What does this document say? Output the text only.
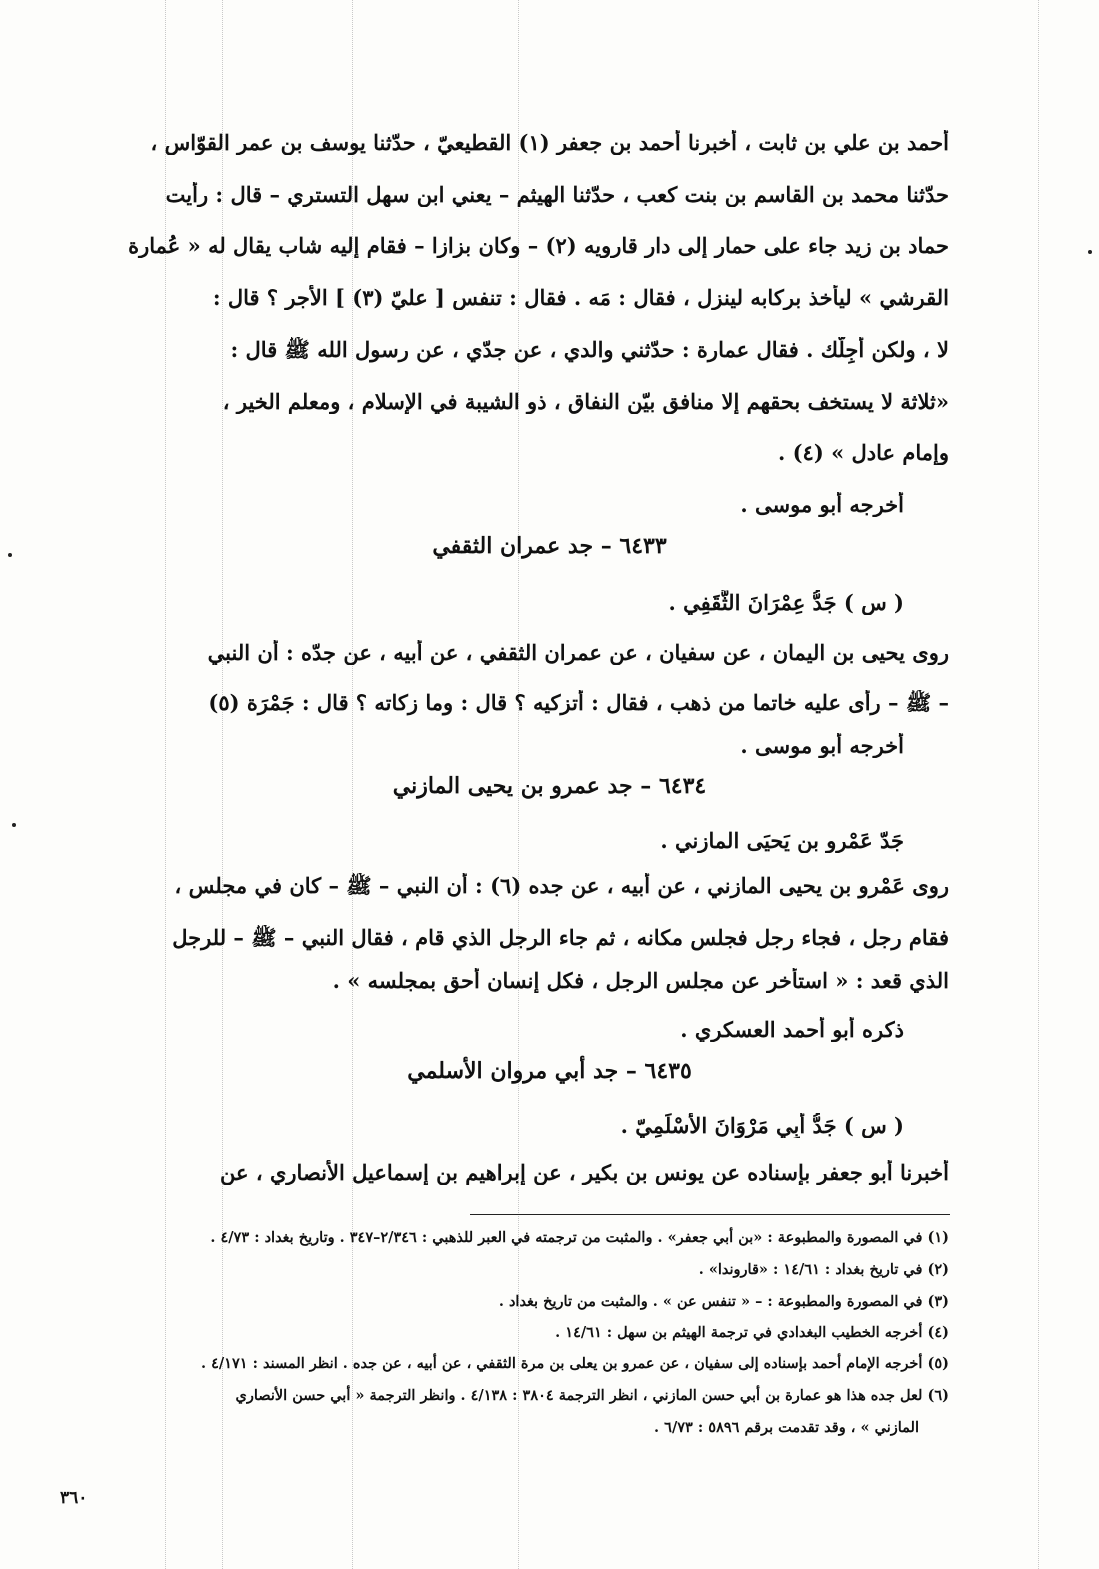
أحمد بن علي بن ثابت ، أخبرنا أحمد بن جعفر (١) القطيعيّ ، حدّثنا يوسف بن عمر القوّاس ،
حدّثنا محمد بن القاسم بن بنت كعب ، حدّثنا الهيثم – يعني ابن سهل التستري – قال : رأيت
حماد بن زيد جاء على حمار إلى دار قارويه (٢) – وكان بزازا – فقام إليه شاب يقال له « عُمارة
القرشي » ليأخذ بركابه لينزل ، فقال : مَه . فقال : تنفس [ عليّ (٣) ] الأجر ؟ قال :
لا ، ولكن أُجِلُّك . فقال عمارة : حدّثني والدي ، عن جدّي ، عن رسول الله ﷺ قال :
«ثلاثة لا يستخف بحقهم إلا منافق بيّن النفاق ، ذو الشيبة في الإسلام ، ومعلم الخير ،
وإمام عادل » (٤) .
أخرجه أبو موسى .
٦٤٣٣ – جد عمران الثقفي
( س ) جَدُّ عِمْرَانَ الثَّقَفِي .
روى يحيى بن اليمان ، عن سفيان ، عن عمران الثقفي ، عن أبيه ، عن جدّه : أن النبي
– ﷺ – رأى عليه خاتما من ذهب ، فقال : أتزكيه ؟ قال : وما زكاته ؟ قال : جَمْرَة (٥)
أخرجه أبو موسى .
٦٤٣٤ – جد عمرو بن يحيى المازني
جَدّ عَمْرو بن يَحيَى المازني .
روى عَمْرو بن يحيى المازني ، عن أبيه ، عن جده (٦) : أن النبي – ﷺ – كان في مجلس ،
فقام رجل ، فجاء رجل فجلس مكانه ، ثم جاء الرجل الذي قام ، فقال النبي – ﷺ – للرجل
الذي قعد : « استأخر عن مجلس الرجل ، فكل إنسان أحق بمجلسه » .
ذكره أبو أحمد العسكري .
٦٤٣٥ – جد أبي مروان الأسلمي
( س ) جَدُّ أَبِي مَرْوَانَ الأَسْلَمِيّ .
أخبرنا أبو جعفر بإسناده عن يونس بن بكير ، عن إبراهيم بن إسماعيل الأنصاري ، عن
(١) في المصورة والمطبوعة : «بن أبي جعفر» . والمثبت من ترجمته في العبر للذهبي : ٢/٣٤٦–٣٤٧ . وتاريخ بغداد : ٤/٧٣ .
(٢) في تاريخ بغداد : ١٤/٦١ : «قاروندا» .
(٣) في المصورة والمطبوعة : – « تنفس عن » . والمثبت من تاريخ بغداد .
(٤) أخرجه الخطيب البغدادي في ترجمة الهيثم بن سهل : ١٤/٦١ .
(٥) أخرجه الإمام أحمد بإسناده إلى سفيان ، عن عمرو بن يعلى بن مرة الثقفي ، عن أبيه ، عن جده . انظر المسند : ٤/١٧١ .
(٦) لعل جده هذا هو عمارة بن أبي حسن المازني ، انظر الترجمة ٣٨٠٤ : ٤/١٣٨ . وانظر الترجمة « أبي حسن الأنصاري
المازني » ، وقد تقدمت برقم ٥٨٩٦ : ٦/٧٣ .
٣٦٠
